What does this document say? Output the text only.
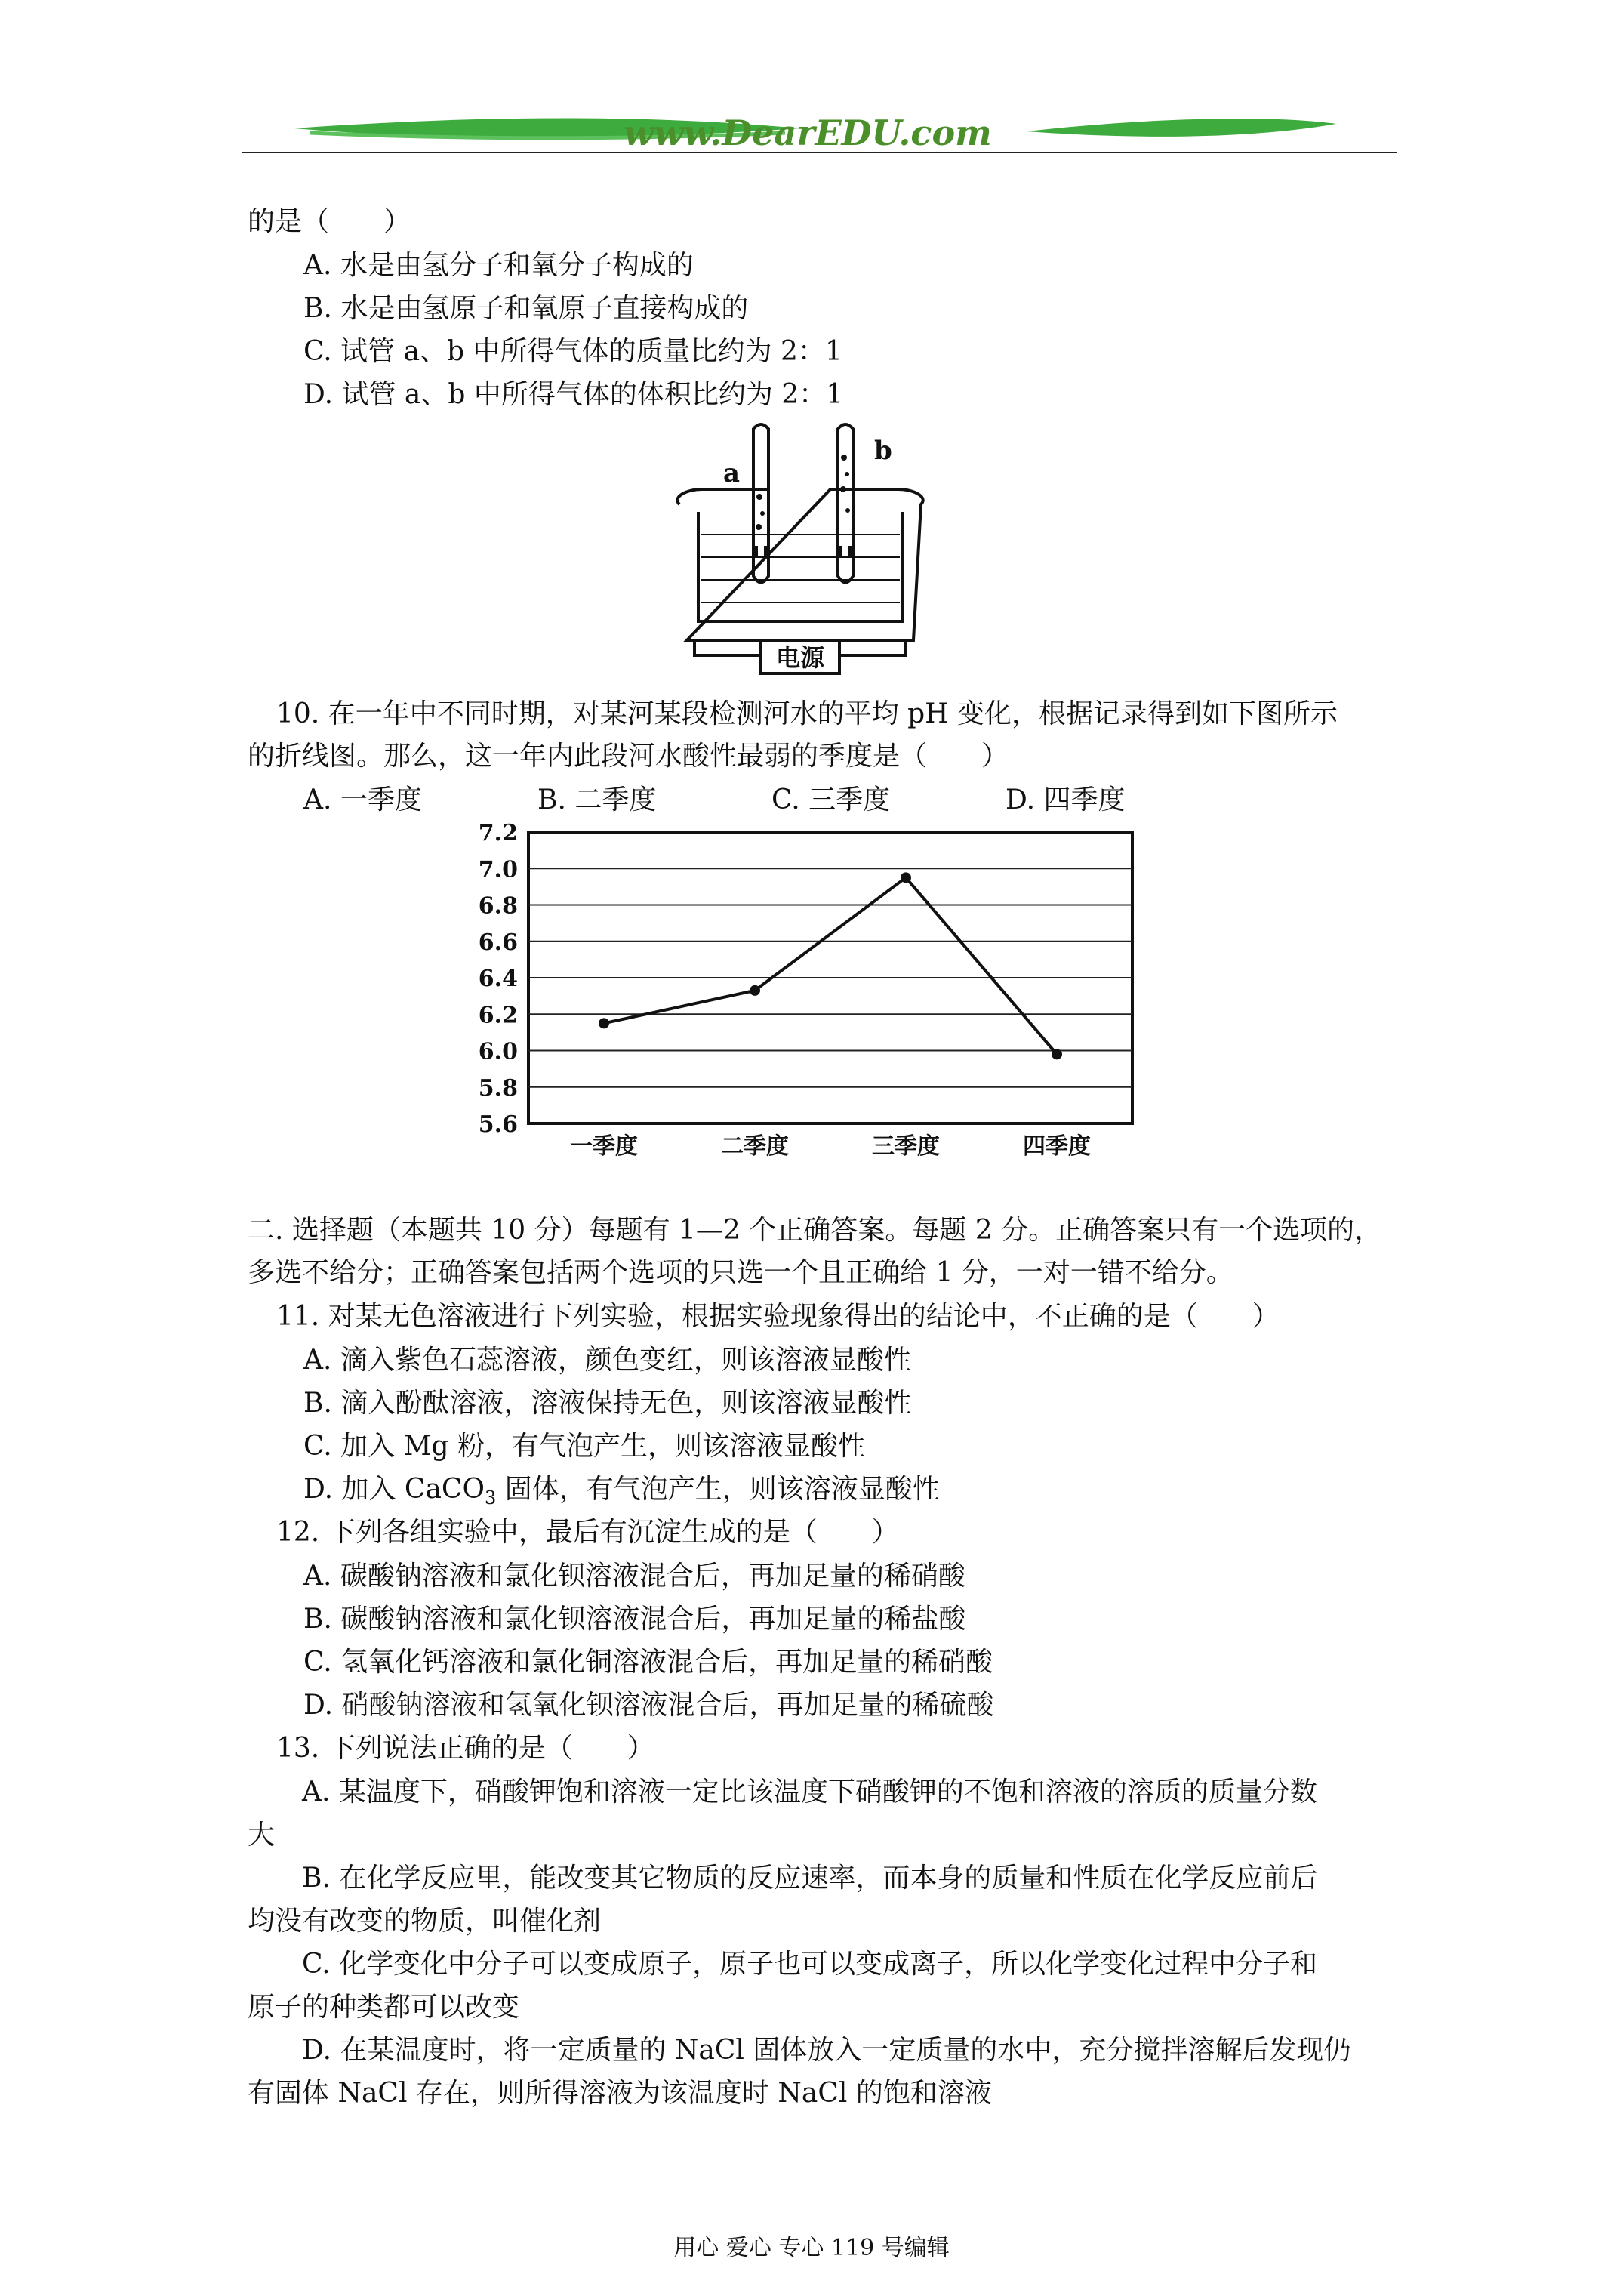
www.DearEDU.com
的是（　　）
A. 水是由氢分子和氧分子构成的
B. 水是由氢原子和氧原子直接构成的
C. 试管 a、b 中所得气体的质量比约为 2：1
D. 试管 a、b 中所得气体的体积比约为 2：1
a
b
电源
10. 在一年中不同时期，对某河某段检测河水的平均 pH 变化，根据记录得到如下图所示
的折线图。那么，这一年内此段河水酸性最弱的季度是（　　）
A. 一季度	B. 二季度	C. 三季度	D. 四季度
7.2
7.0
6.8
6.6
6.4
6.2
6.0
5.8
5.6
一季度	二季度	三季度	四季度
二. 选择题（本题共 10 分）每题有 1—2 个正确答案。每题 2 分。正确答案只有一个选项的，
多选不给分；正确答案包括两个选项的只选一个且正确给 1 分，一对一错不给分。
11. 对某无色溶液进行下列实验，根据实验现象得出的结论中，不正确的是（　　）
A. 滴入紫色石蕊溶液，颜色变红，则该溶液显酸性
B. 滴入酚酞溶液，溶液保持无色，则该溶液显酸性
C. 加入 Mg 粉，有气泡产生，则该溶液显酸性
D. 加入 CaCO$_3$ 固体，有气泡产生，则该溶液显酸性
12. 下列各组实验中，最后有沉淀生成的是（　　）
A. 碳酸钠溶液和氯化钡溶液混合后，再加足量的稀硝酸
B. 碳酸钠溶液和氯化钡溶液混合后，再加足量的稀盐酸
C. 氢氧化钙溶液和氯化铜溶液混合后，再加足量的稀硝酸
D. 硝酸钠溶液和氢氧化钡溶液混合后，再加足量的稀硫酸
13. 下列说法正确的是（　　）
A. 某温度下，硝酸钾饱和溶液一定比该温度下硝酸钾的不饱和溶液的溶质的质量分数
大
B. 在化学反应里，能改变其它物质的反应速率，而本身的质量和性质在化学反应前后
均没有改变的物质，叫催化剂
C. 化学变化中分子可以变成原子，原子也可以变成离子，所以化学变化过程中分子和
原子的种类都可以改变
D. 在某温度时，将一定质量的 NaCl 固体放入一定质量的水中，充分搅拌溶解后发现仍
有固体 NaCl 存在，则所得溶液为该温度时 NaCl 的饱和溶液
用心 爱心 专心 119 号编辑
